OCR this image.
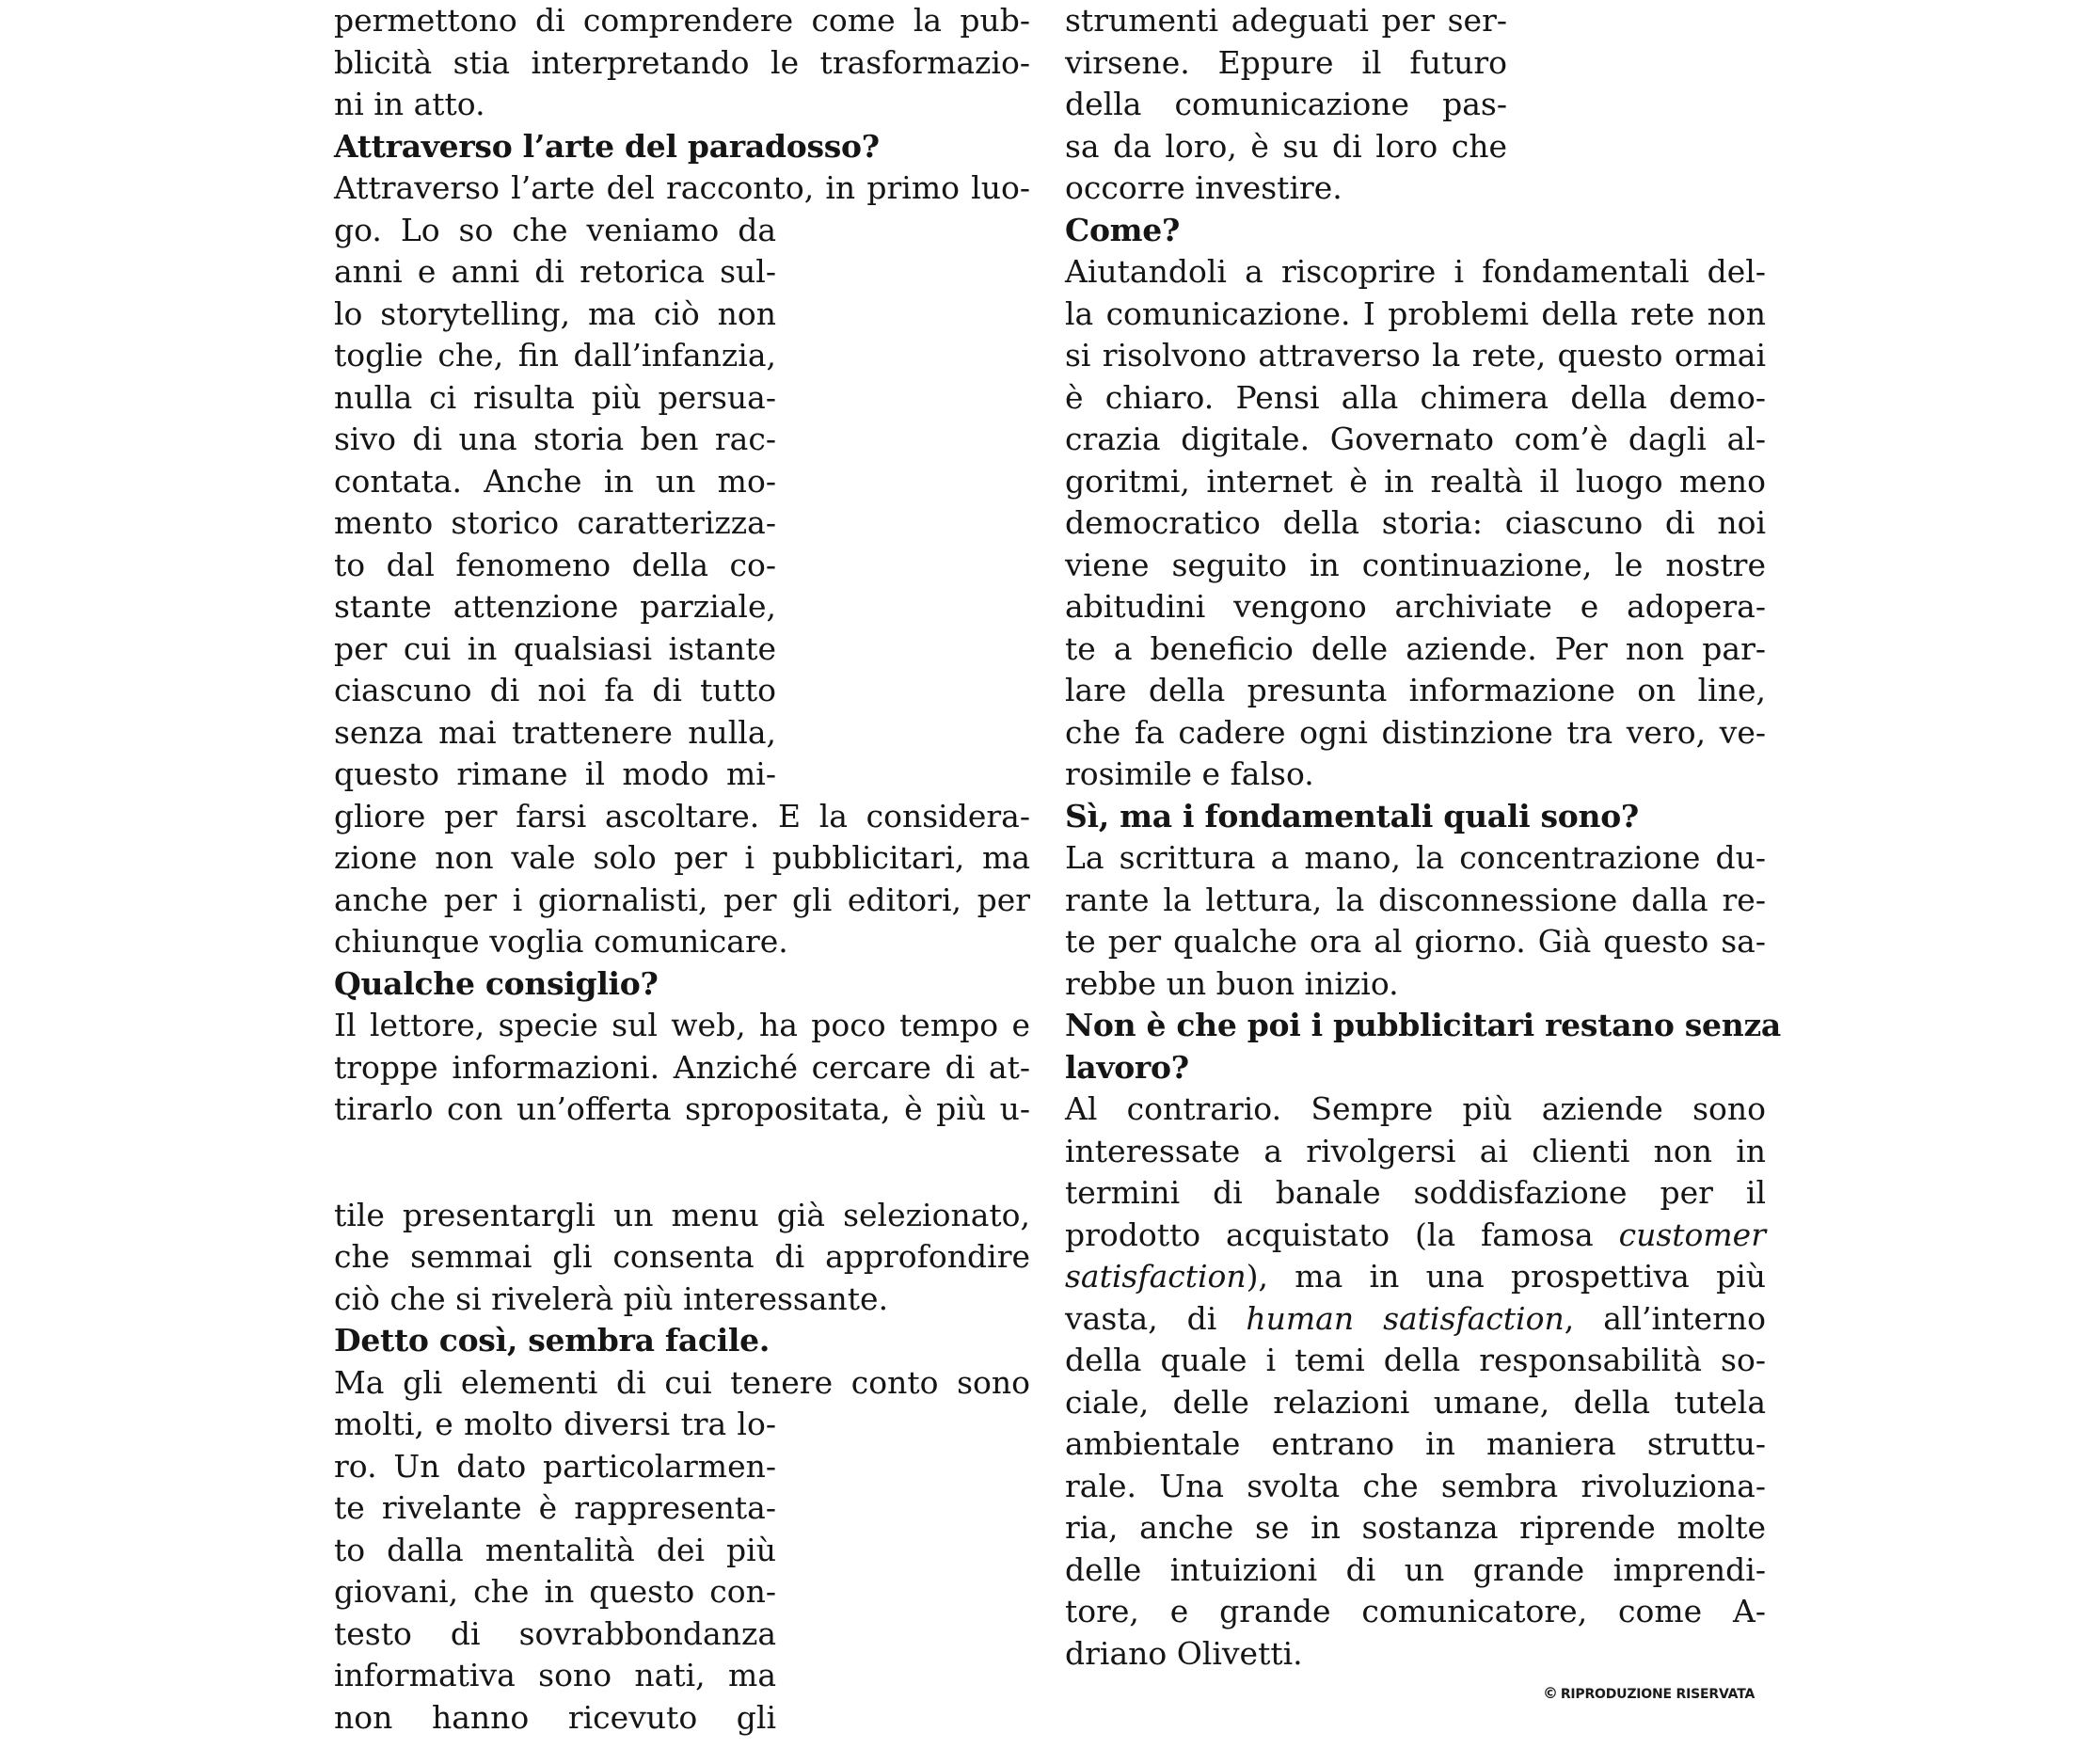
permettono di comprendere come la pub-
blicità stia interpretando le trasformazio-
ni in atto.
Attraverso l’arte del paradosso?
Attraverso l’arte del racconto, in primo luo-
go. Lo so che veniamo da
anni e anni di retorica sul-
lo storytelling, ma ciò non
toglie che, fin dall’infanzia,
nulla ci risulta più persua-
sivo di una storia ben rac-
contata. Anche in un mo-
mento storico caratterizza-
to dal fenomeno della co-
stante attenzione parziale,
per cui in qualsiasi istante
ciascuno di noi fa di tutto
senza mai trattenere nulla,
questo rimane il modo mi-
gliore per farsi ascoltare. E la considera-
zione non vale solo per i pubblicitari, ma
anche per i giornalisti, per gli editori, per
chiunque voglia comunicare.
Qualche consiglio?
Il lettore, specie sul web, ha poco tempo e
troppe informazioni. Anziché cercare di at-
tirarlo con un’offerta spropositata, è più u-
tile presentargli un menu già selezionato,
che semmai gli consenta di approfondire
ciò che si rivelerà più interessante.
Detto così, sembra facile.
Ma gli elementi di cui tenere conto sono
molti, e molto diversi tra lo-
ro. Un dato particolarmen-
te rivelante è rappresenta-
to dalla mentalità dei più
giovani, che in questo con-
testo di sovrabbondanza
informativa sono nati, ma
non hanno ricevuto gli
strumenti adeguati per ser-
virsene. Eppure il futuro
della comunicazione pas-
sa da loro, è su di loro che
occorre investire.
Come?
Aiutandoli a riscoprire i fondamentali del-
la comunicazione. I problemi della rete non
si risolvono attraverso la rete, questo ormai
è chiaro. Pensi alla chimera della demo-
crazia digitale. Governato com’è dagli al-
goritmi, internet è in realtà il luogo meno
democratico della storia: ciascuno di noi
viene seguito in continuazione, le nostre
abitudini vengono archiviate e adopera-
te a beneficio delle aziende. Per non par-
lare della presunta informazione on line,
che fa cadere ogni distinzione tra vero, ve-
rosimile e falso.
Sì, ma i fondamentali quali sono?
La scrittura a mano, la concentrazione du-
rante la lettura, la disconnessione dalla re-
te per qualche ora al giorno. Già questo sa-
rebbe un buon inizio.
Non è che poi i pubblicitari restano senza
lavoro?
Al contrario. Sempre più aziende sono
interessate a rivolgersi ai clienti non in
termini di banale soddisfazione per il
prodotto acquistato (la famosa customer
satisfaction), ma in una prospettiva più
vasta, di human satisfaction, all’interno
della quale i temi della responsabilità so-
ciale, delle relazioni umane, della tutela
ambientale entrano in maniera struttu-
rale. Una svolta che sembra rivoluziona-
ria, anche se in sostanza riprende molte
delle intuizioni di un grande imprendi-
tore, e grande comunicatore, come A-
driano Olivetti.
© RIPRODUZIONE RISERVATA
